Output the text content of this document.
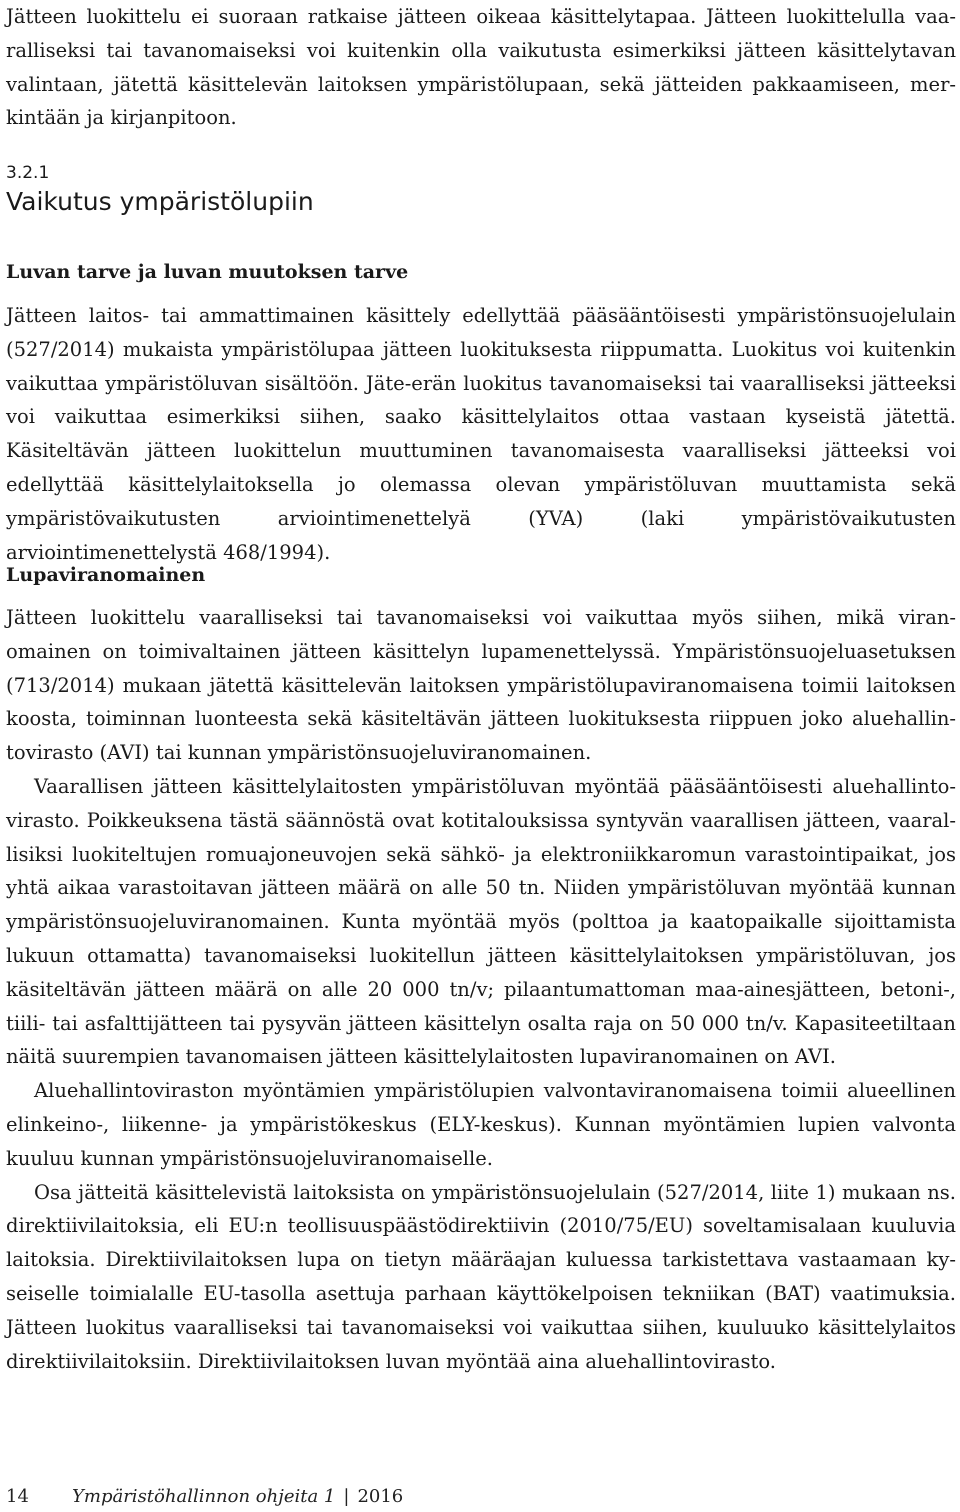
Jätteen luokittelu ei suoraan ratkaise jätteen oikeaa käsittelytapaa. Jätteen luokittelulla vaaralliseksi tai tavanomaiseksi voi kuitenkin olla vaikutusta esimerkiksi jätteen käsittelytavan valintaan, jätettä käsittelevän laitoksen ympäristölupaan, sekä jätteiden pakkaamiseen, merkintään ja kirjanpitoon.

3.2.1
Vaikutus ympäristölupiin
Luvan tarve ja luvan muutoksen tarve

Jätteen laitos- tai ammattimainen käsittely edellyttää pääsääntöisesti ympäristönsuojelulain (527/2014) mukaista ympäristölupaa jätteen luokituksesta riippumatta. Luokitus voi kuitenkin vaikuttaa ympäristöluvan sisältöön. Jäte-erän luokitus tavanomaiseksi tai vaaralliseksi jätteeksi voi vaikuttaa esimerkiksi siihen, saako käsittelylaitos ottaa vastaan kyseistä jätettä. Käsiteltävän jätteen luokittelun muuttuminen tavanomaisesta vaaralliseksi jätteeksi voi edellyttää käsittelylaitoksella jo olemassa olevan ympäristöluvan muuttamista sekä ympäristövaikutusten arviointimenettelyä (YVA) (laki ympäristövaikutusten arviointimenettelystä 468/1994).

Lupaviranomainen

Jätteen luokittelu vaaralliseksi tai tavanomaiseksi voi vaikuttaa myös siihen, mikä viranomainen on toimivaltainen jätteen käsittelyn lupamenettelyssä. Ympäristönsuojeluasetuksen (713/2014) mukaan jätettä käsittelevän laitoksen ympäristölupaviranomaisena toimii laitoksen koosta, toiminnan luonteesta sekä käsiteltävän jätteen luokituksesta riippuen joko aluehallintovirasto (AVI) tai kunnan ympäristönsuojeluviranomainen.

Vaarallisen jätteen käsittelylaitosten ympäristöluvan myöntää pääsääntöisesti aluehallintovirasto. Poikkeuksena tästä säännöstä ovat kotitalouksissa syntyvän vaarallisen jätteen, vaarallisiksi luokiteltujen romuajoneuvojen sekä sähkö- ja elektroniikkaromun varastointipaikat, jos yhtä aikaa varastoitavan jätteen määrä on alle 50 tn. Niiden ympäristöluvan myöntää kunnan ympäristönsuojeluviranomainen. Kunta myöntää myös (polttoa ja kaatopaikalle sijoittamista lukuun ottamatta) tavanomaiseksi luokitellun jätteen käsittelylaitoksen ympäristöluvan, jos käsiteltävän jätteen määrä on alle 20 000 tn/v; pilaantumattoman maa-ainesjätteen, betoni-, tiili- tai asfalttijätteen tai pysyvän jätteen käsittelyn osalta raja on 50 000 tn/v. Kapasiteetiltaan näitä suurempien tavanomaisen jätteen käsittelylaitosten lupaviranomainen on AVI.

Aluehallintoviraston myöntämien ympäristölupien valvontaviranomaisena toimii alueellinen elinkeino-, liikenne- ja ympäristökeskus (ELY-keskus). Kunnan myöntämien lupien valvonta kuuluu kunnan ympäristönsuojeluviranomaiselle.

Osa jätteitä käsittelevistä laitoksista on ympäristönsuojelulain (527/2014, liite 1) mukaan ns. direktiivilaitoksia, eli EU:n teollisuuspäästödirektiivin (2010/75/EU) soveltamisalaan kuuluvia laitoksia. Direktiivilaitoksen lupa on tietyn määräajan kuluessa tarkistettava vastaamaan kyseiselle toimialalle EU-tasolla asettuja parhaan käyttökelpoisen tekniikan (BAT) vaatimuksia. Jätteen luokitus vaaralliseksi tai tavanomaiseksi voi vaikuttaa siihen, kuuluuko käsittelylaitos direktiivilaitoksiin. Direktiivilaitoksen luvan myöntää aina aluehallintovirasto.

14 Ympäristöhallinnon ohjeita 1 | 2016
